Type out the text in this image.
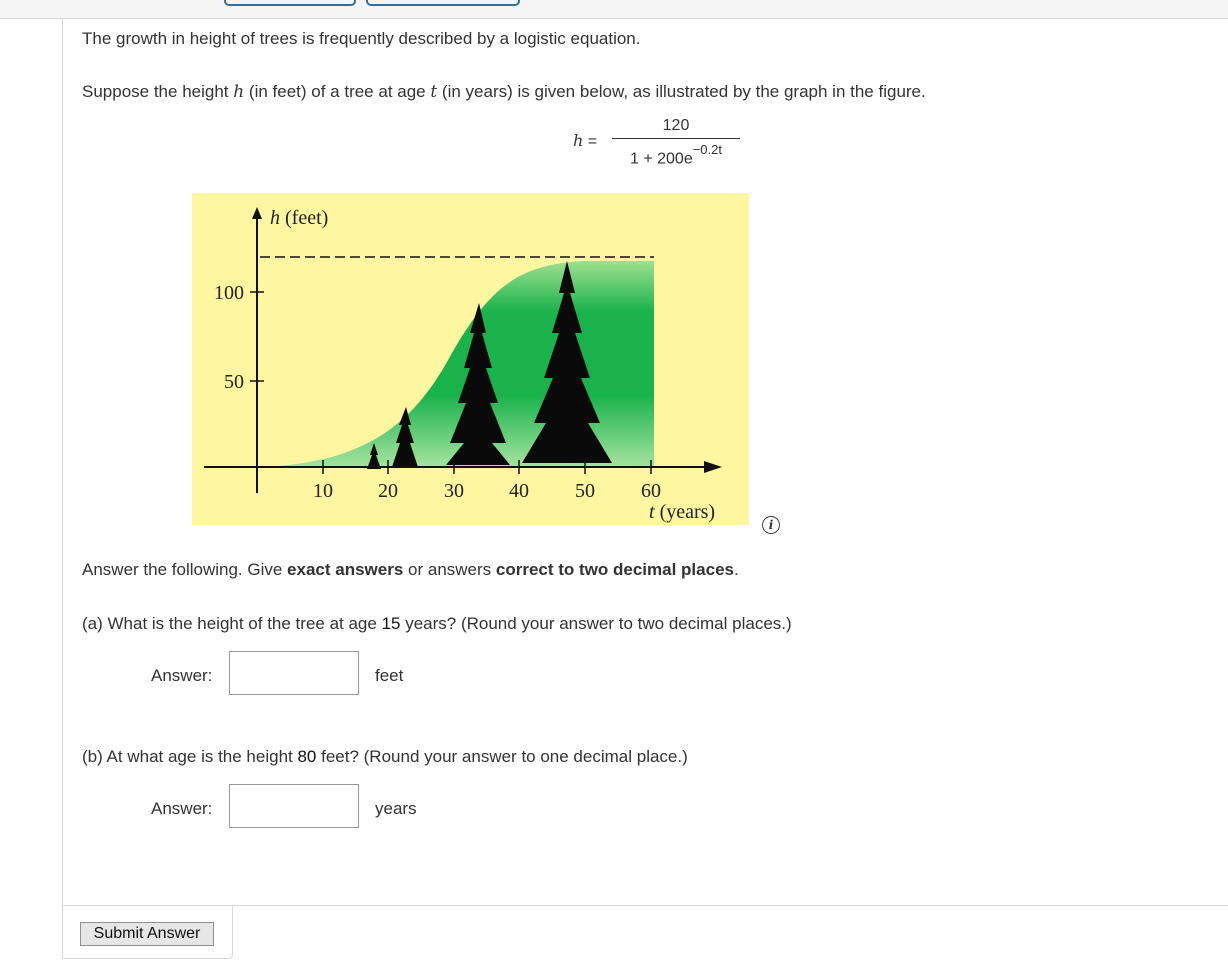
The growth in height of trees is frequently described by a logistic equation.
Suppose the height h (in feet) of a tree at age t (in years) is given below, as illustrated by the graph in the figure.
h =
120
$1 + 200e^{-0.2t}$
h (feet)
100
50
10 20 30 40 50 60
t (years)
i
Answer the following. Give exact answers or answers correct to two decimal places.
(a) What is the height of the tree at age 15 years? (Round your answer to two decimal places.)
Answer:	feet
(b) At what age is the height 80 feet? (Round your answer to one decimal place.)
Answer:	years
Submit Answer
